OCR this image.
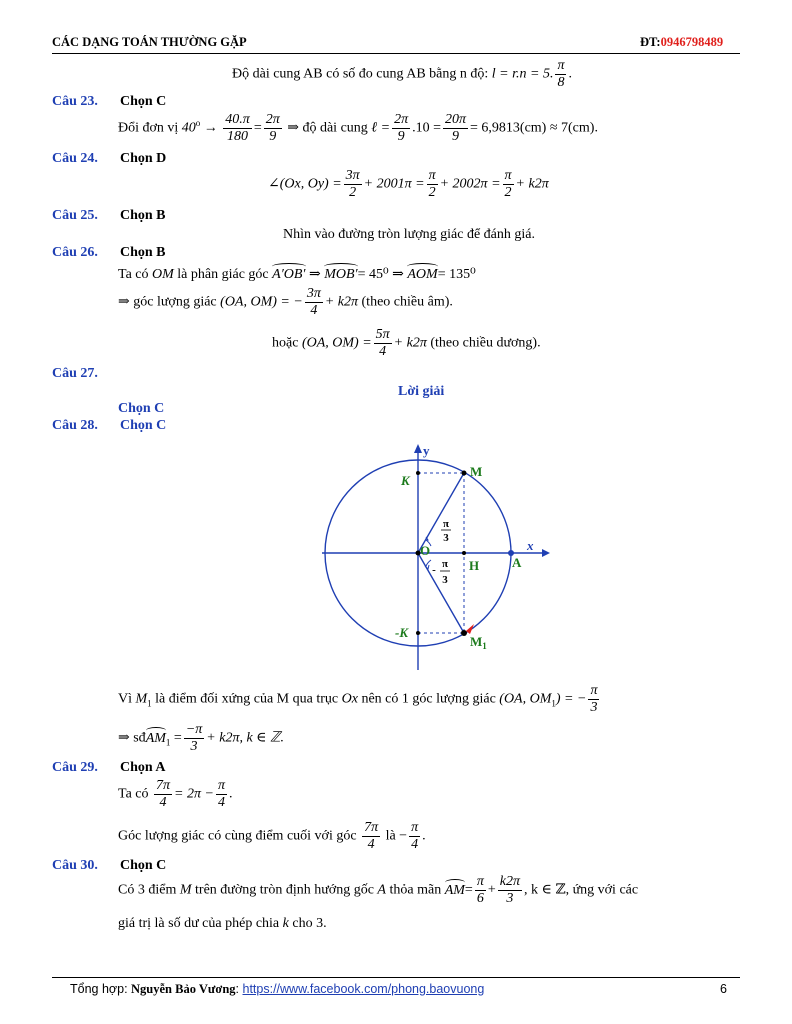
CÁC DẠNG TOÁN THƯỜNG GẶP	ĐT:0946798489
Độ dài cung AB có số đo cung AB bằng n độ: l = r.n = 5. $\frac{\pi}{8}$ .
Câu 23. Chọn C
Đổi đơn vị $40^o \to \frac{40.\pi}{180} = \frac{2\pi}{9}$ ⇒ độ dài cung ℓ = $\frac{2\pi}{9} .10 = \frac{20\pi}{9} = 6,9813(cm) \approx 7(cm)$.
Câu 24. Chọn D
∠(Ox, $Oy) = \frac{3\pi}{2} + 2001\pi = \frac{\pi}{2} + 2002\pi = \frac{\pi}{2} + k2\pi$
Câu 25. Chọn B
Nhìn vào đường tròn lượng giác để đánh giá.
Câu 26. Chọn B
Ta có OM là phân giác góc A′OB′ ⇒ MOB′= 45⁰ ⇒ AOM= 135⁰
⇒ góc lượng giác (OA, OM) = − $\frac{3\pi}{4} + k2\pi$ (theo chiều âm).
hoặc (OA, $OM) = \frac{5\pi}{4} + k2\pi$ (theo chiều dương).
Câu 27.
Lời giải
Chọn C
Câu 28. Chọn C
y
x
M
K
-K
O
H	A
$M_1$
π
3
- π
3
Vì $M_1$ là điểm đối xứng của M qua trục Ox nên có 1 góc lượng giác (OA, $OM_1$) = − $\frac{\pi}{3}$
⇒ sđAM$_1$ = $\frac{-\pi}{3} + k2\pi$, k ∈ ℤ.
Câu 29. Chọn A
Ta có $\frac{7\pi}{4} = 2\pi - \frac{\pi}{4}$ .
Góc lượng giác có cùng điểm cuối với góc $\frac{7\pi}{4}$ là − $\frac{\pi}{4}$ .
Câu 30. Chọn C
Có 3 điểm M trên đường tròn định hướng gốc A thỏa mãn $AM= \frac{\pi}{6} + \frac{k2\pi}{3}$ , k ∈ ℤ, ứng với các
giá trị là số dư của phép chia k cho 3.
Tổng hợp: Nguyễn Bảo Vương: https://www.facebook.com/phong.baovuong	6
